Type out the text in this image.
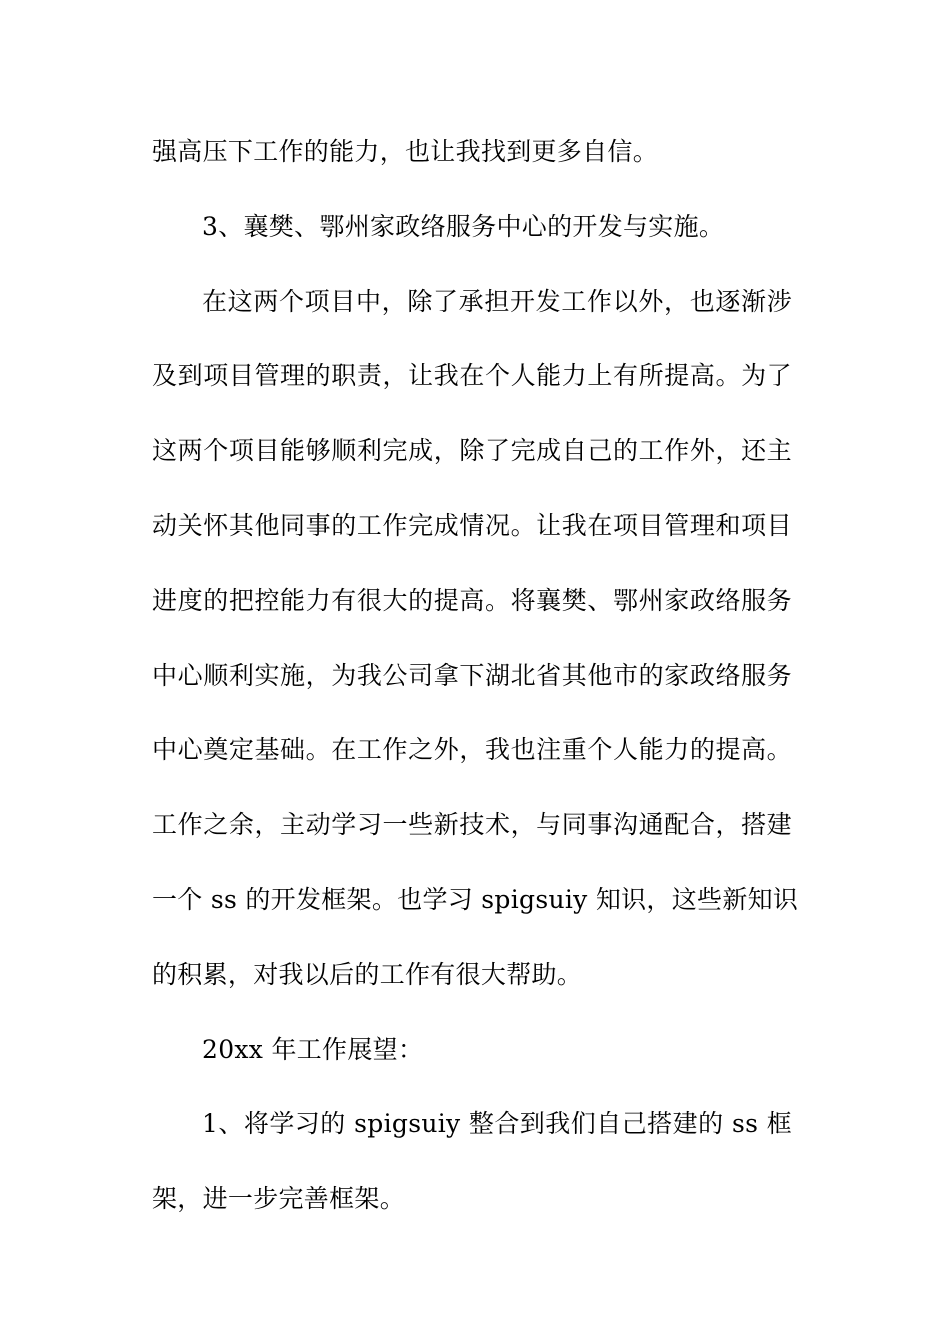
强高压下工作的能力，也让我找到更多自信。
3、襄樊、鄂州家政络服务中心的开发与实施。
在这两个项目中，除了承担开发工作以外，也逐渐涉
及到项目管理的职责，让我在个人能力上有所提高。为了
这两个项目能够顺利完成，除了完成自己的工作外，还主
动关怀其他同事的工作完成情况。让我在项目管理和项目
进度的把控能力有很大的提高。将襄樊、鄂州家政络服务
中心顺利实施，为我公司拿下湖北省其他市的家政络服务
中心奠定基础。在工作之外，我也注重个人能力的提高。
工作之余，主动学习一些新技术，与同事沟通配合，搭建
一个 ss 的开发框架。也学习 spigsuiy 知识，这些新知识
的积累，对我以后的工作有很大帮助。
20xx 年工作展望：
1、将学习的 spigsuiy 整合到我们自己搭建的 ss 框
架，进一步完善框架。
